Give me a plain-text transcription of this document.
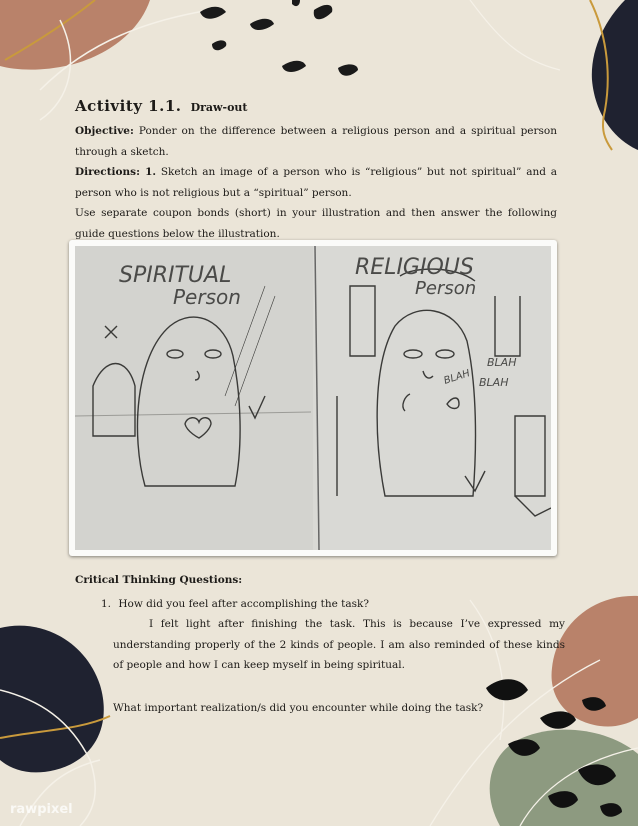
Activity 1.1. Draw-out

Objective: Ponder on the difference between a religious person and a spiritual person through a sketch.

Directions: 1. Sketch an image of a person who is “religious” but not spiritual” and a person who is not religious but a “spiritual” person.

Use separate coupon bonds (short) in your illustration and then answer the following guide questions below the illustration.

SPIRITUAL
Person
RELIGIOUS
Person
BLAH
BLAH
BLAH

Critical Thinking Questions:

1. How did you feel after accomplishing the task?

I felt light after finishing the task. This is because I’ve expressed my understanding properly of the 2 kinds of people. I am also reminded of these kinds of people and how I can keep myself in being spiritual.

What important realization/s did you encounter while doing the task?

rawpixel
